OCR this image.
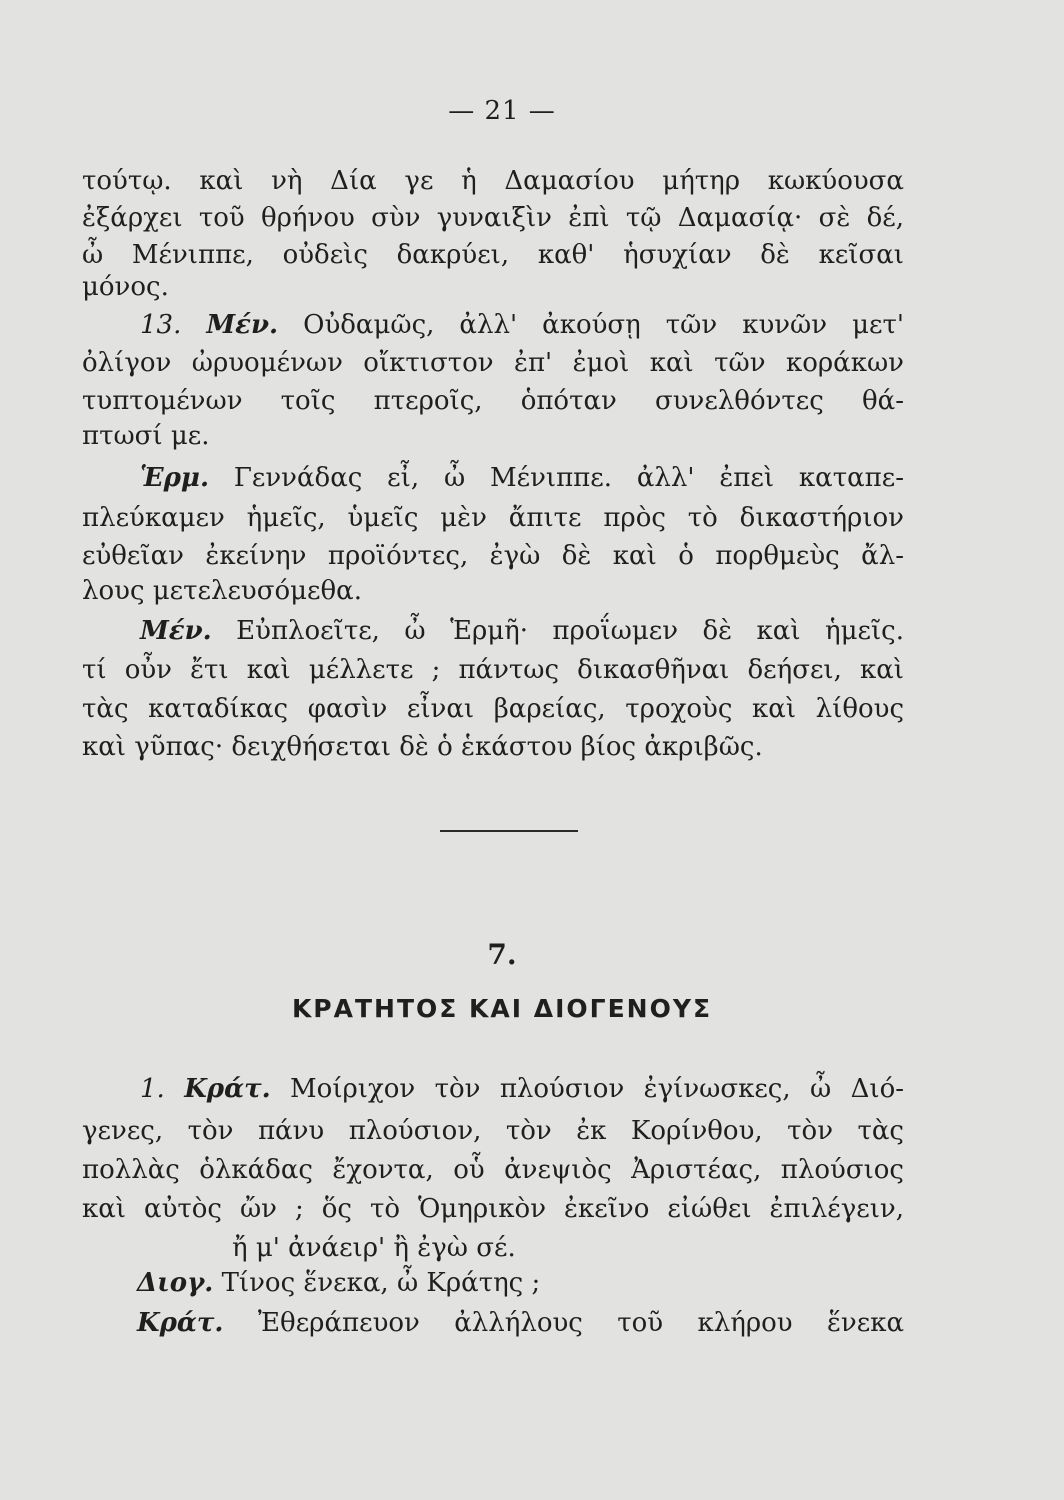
— 21 —
τούτῳ. καὶ νὴ Δία γε ἡ Δαμασίου μήτηρ κωκύουσα
ἐξάρχει τοῦ θρήνου σὺν γυναιξὶν ἐπὶ τῷ Δαμασίᾳ· σὲ δέ,
ὦ Μένιππε, οὐδεὶς δακρύει, καθ' ἡσυχίαν δὲ κεῖσαι
μόνος.
13. Μέν. Οὐδαμῶς, ἀλλ' ἀκούσῃ τῶν κυνῶν μετ'
ὀλίγον ὠρυομένων οἴκτιστον ἐπ' ἐμοὶ καὶ τῶν κοράκων
τυπτομένων τοῖς πτεροῖς, ὁπόταν συνελθόντες θά-
πτωσί με.
Ἑρμ. Γεννάδας εἶ, ὦ Μένιππε. ἀλλ' ἐπεὶ καταπε-
πλεύκαμεν ἡμεῖς, ὑμεῖς μὲν ἄπιτε πρὸς τὸ δικαστήριον
εὐθεῖαν ἐκείνην προϊόντες, ἐγὼ δὲ καὶ ὁ πορθμεὺς ἄλ-
λους μετελευσόμεθα.
Μέν. Εὐπλοεῖτε, ὦ Ἑρμῆ· προΐωμεν δὲ καὶ ἡμεῖς.
τί οὖν ἔτι καὶ μέλλετε ; πάντως δικασθῆναι δεήσει, καὶ
τὰς καταδίκας φασὶν εἶναι βαρείας, τροχοὺς καὶ λίθους
καὶ γῦπας· δειχθήσεται δὲ ὁ ἑκάστου βίος ἀκριβῶς.
7.
ΚΡΑΤΗΤΟΣ ΚΑΙ ΔΙΟΓΕΝΟΥΣ
1. Κράτ. Μοίριχον τὸν πλούσιον ἐγίνωσκες, ὦ Διό-
γενες, τὸν πάνυ πλούσιον, τὸν ἐκ Κορίνθου, τὸν τὰς
πολλὰς ὁλκάδας ἔχοντα, οὗ ἀνεψιὸς Ἀριστέας, πλούσιος
καὶ αὐτὸς ὤν ; ὅς τὸ Ὁμηρικὸν ἐκεῖνο εἰώθει ἐπιλέγειν,
ἤ μ' ἀνάειρ' ἢ ἐγὼ σέ.
Διογ. Τίνος ἕνεκα, ὦ Κράτης ;
Κράτ. Ἐθεράπευον ἀλλήλους τοῦ κλήρου ἕνεκα
